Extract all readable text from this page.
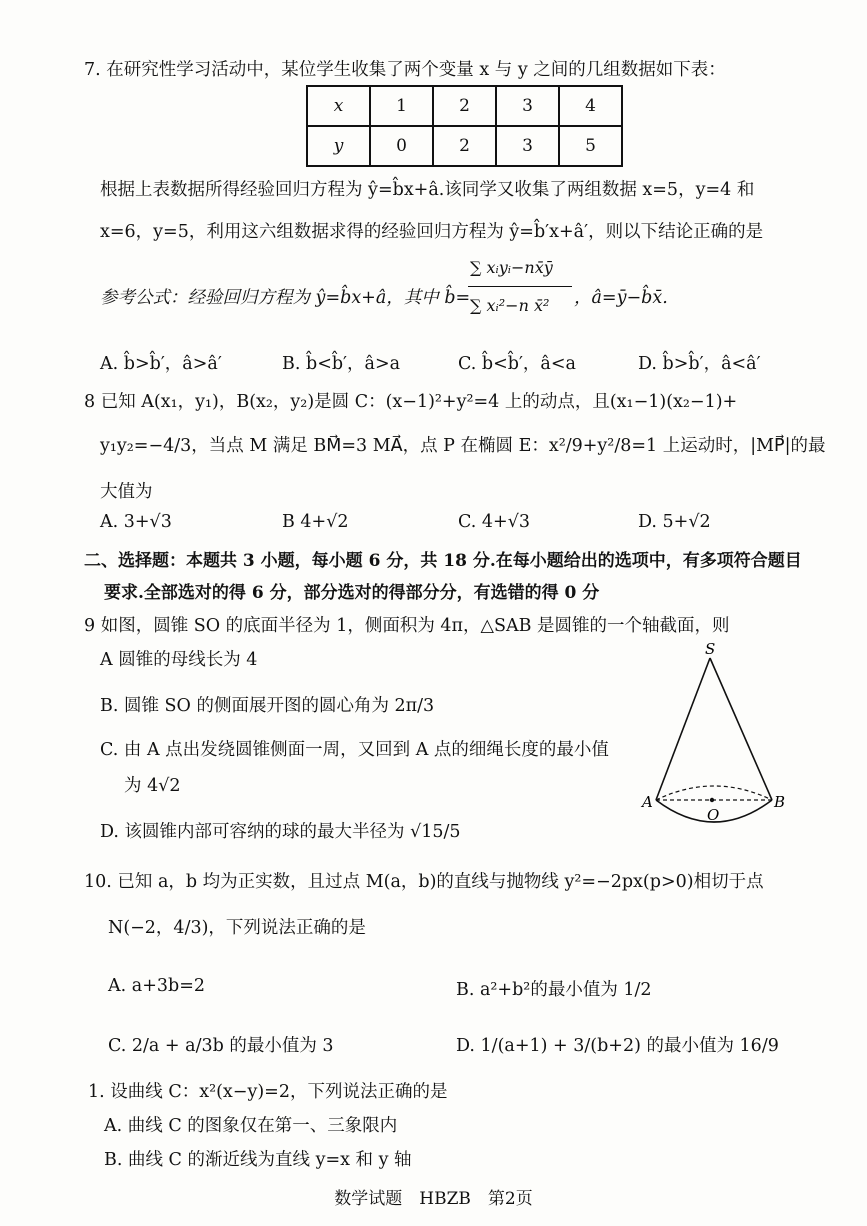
7. 在研究性学习活动中，某位学生收集了两个变量 x 与 y 之间的几组数据如下表：
x	1	2	3	4
y	0	2	3	5
根据上表数据所得经验回归方程为 ŷ=b̂x+â.该同学又收集了两组数据 x=5，y=4 和
x=6，y=5，利用这六组数据求得的经验回归方程为 ŷ=b̂′x+â′，则以下结论正确的是
参考公式：经验回归方程为 ŷ=b̂x+â，其中 b̂=
∑ xᵢyᵢ−nx̄ȳ
∑ xᵢ²−n x̄² ，â=ȳ−b̂x̄.
A. b̂>b̂′，â>â′	B. b̂<b̂′，â>a	C. b̂<b̂′，â<a	D. b̂>b̂′，â<â′
8 已知 A(x₁，y₁)，B(x₂，y₂)是圆 C：(x−1)²+y²=4 上的动点，且(x₁−1)(x₂−1)+
y₁y₂=−4/3，当点 M 满足 BM⃗=3 MA⃗，点 P 在椭圆 E：x²/9+y²/8=1 上运动时，|MP⃗|的最
大值为
A. 3+√3	B 4+√2	C. 4+√3	D. 5+√2
二、选择题：本题共 3 小题，每小题 6 分，共 18 分.在每小题给出的选项中，有多项符合题目
要求.全部选对的得 6 分，部分选对的得部分分，有选错的得 0 分
9 如图，圆锥 SO 的底面半径为 1，侧面积为 4π，△SAB 是圆锥的一个轴截面，则
A 圆锥的母线长为 4
B. 圆锥 SO 的侧面展开图的圆心角为 2π/3
C. 由 A 点出发绕圆锥侧面一周，又回到 A 点的细绳长度的最小值
为 4√2
D. 该圆锥内部可容纳的球的最大半径为 √15/5
S
A	B
O
10. 已知 a，b 均为正实数，且过点 M(a，b)的直线与抛物线 y²=−2px(p>0)相切于点
N(−2，4/3)，下列说法正确的是
A. a+3b=2	B. a²+b²的最小值为 1/2
C. 2/a + a/3b 的最小值为 3	D. 1/(a+1) + 3/(b+2) 的最小值为 16/9
1. 设曲线 C：x²(x−y)=2，下列说法正确的是
A. 曲线 C 的图象仅在第一、三象限内
B. 曲线 C 的渐近线为直线 y=x 和 y 轴
数学试题　HBZB　第2页
